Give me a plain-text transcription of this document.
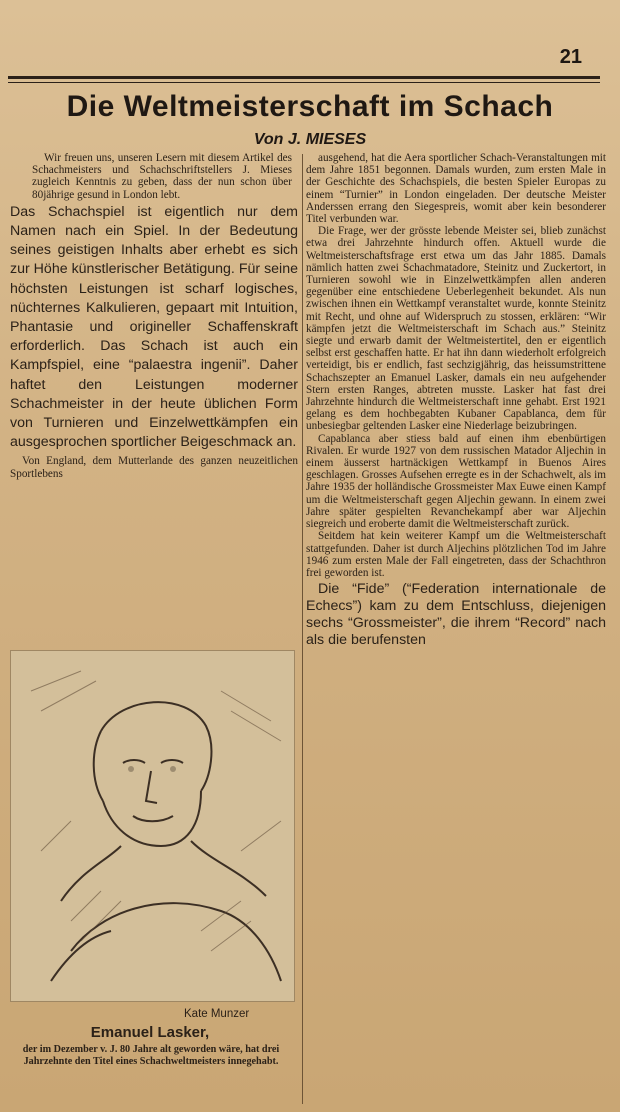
21
Die Weltmeisterschaft im Schach
Von J. MIESES

Wir freuen uns, unseren Lesern mit diesem Artikel des Schachmeisters und Schachschriftstellers J. Mieses zugleich Kenntnis zu geben, dass der nun schon über 80jährige gesund in London lebt.

Das Schachspiel ist eigentlich nur dem Namen nach ein Spiel. In der Bedeutung seines geistigen Inhalts aber erhebt es sich zur Höhe künstlerischer Betätigung. Für seine höchsten Leistungen ist scharf logisches, nüchternes Kalkulieren, gepaart mit Intuition, Phantasie und origineller Schaffenskraft erforderlich. Das Schach ist auch ein Kampfspiel, eine “palaestra ingenii”. Daher haftet den Leistungen moderner Schachmeister in der heute üblichen Form von Turnieren und Einzelwettkämpfen ein ausgesprochen sportlicher Beigeschmack an.

Von England, dem Mutterlande des ganzen neuzeitlichen Sportlebens

Kate Munzer
Emanuel Lasker,
der im Dezember v. J. 80 Jahre alt geworden wäre, hat drei Jahrzehnte den Titel eines Schachweltmeisters innegehabt.

ausgehend, hat die Aera sportlicher Schach-Veranstaltungen mit dem Jahre 1851 begonnen. Damals wurden, zum ersten Male in der Geschichte des Schachspiels, die besten Spieler Europas zu einem “Turnier” in London eingeladen. Der deutsche Meister Anderssen errang den Siegespreis, womit aber kein besonderer Titel verbunden war.

Die Frage, wer der grösste lebende Meister sei, blieb zunächst etwa drei Jahrzehnte hindurch offen. Aktuell wurde die Weltmeisterschaftsfrage erst etwa um das Jahr 1885. Damals nämlich hatten zwei Schachmatadore, Steinitz und Zuckertort, in Turnieren sowohl wie in Einzelwettkämpfen allen anderen gegenüber eine entschiedene Ueberlegenheit bekundet. Als nun zwischen ihnen ein Wettkampf veranstaltet wurde, konnte Steinitz mit Recht, und ohne auf Widerspruch zu stossen, erklären: “Wir kämpfen jetzt die Weltmeisterschaft im Schach aus.” Steinitz siegte und erwarb damit der Weltmeistertitel, den er eigentlich selbst erst geschaffen hatte. Er hat ihn dann wiederholt erfolgreich verteidigt, bis er endlich, fast sechzigjährig, das heissumstrittene Schachszepter an Emanuel Lasker, damals ein neu aufgehender Stern ersten Ranges, abtreten musste. Lasker hat fast drei Jahrzehnte hindurch die Weltmeisterschaft inne gehabt. Erst 1921 gelang es dem hochbegabten Kubaner Capablanca, dem für unbesiegbar geltenden Lasker eine Niederlage beizubringen.

Capablanca aber stiess bald auf einen ihm ebenbürtigen Rivalen. Er wurde 1927 von dem russischen Matador Aljechin in einem äusserst hartnäckigen Wettkampf in Buenos Aires geschlagen. Grosses Aufsehen erregte es in der Schachwelt, als im Jahre 1935 der holländische Grossmeister Max Euwe einen Kampf um die Weltmeisterschaft gegen Aljechin gewann. In einem zwei Jahre später gespielten Revanchekampf aber war Aljechin siegreich und eroberte damit die Weltmeisterschaft zurück.

Seitdem hat kein weiterer Kampf um die Weltmeisterschaft stattgefunden. Daher ist durch Aljechins plötzlichen Tod im Jahre 1946 zum ersten Male der Fall eingetreten, dass der Schachthron frei geworden ist.

Die “Fide” (“Federation internationale de Echecs”) kam zu dem Entschluss, diejenigen sechs “Grossmeister”, die ihrem “Record” nach als die berufensten
